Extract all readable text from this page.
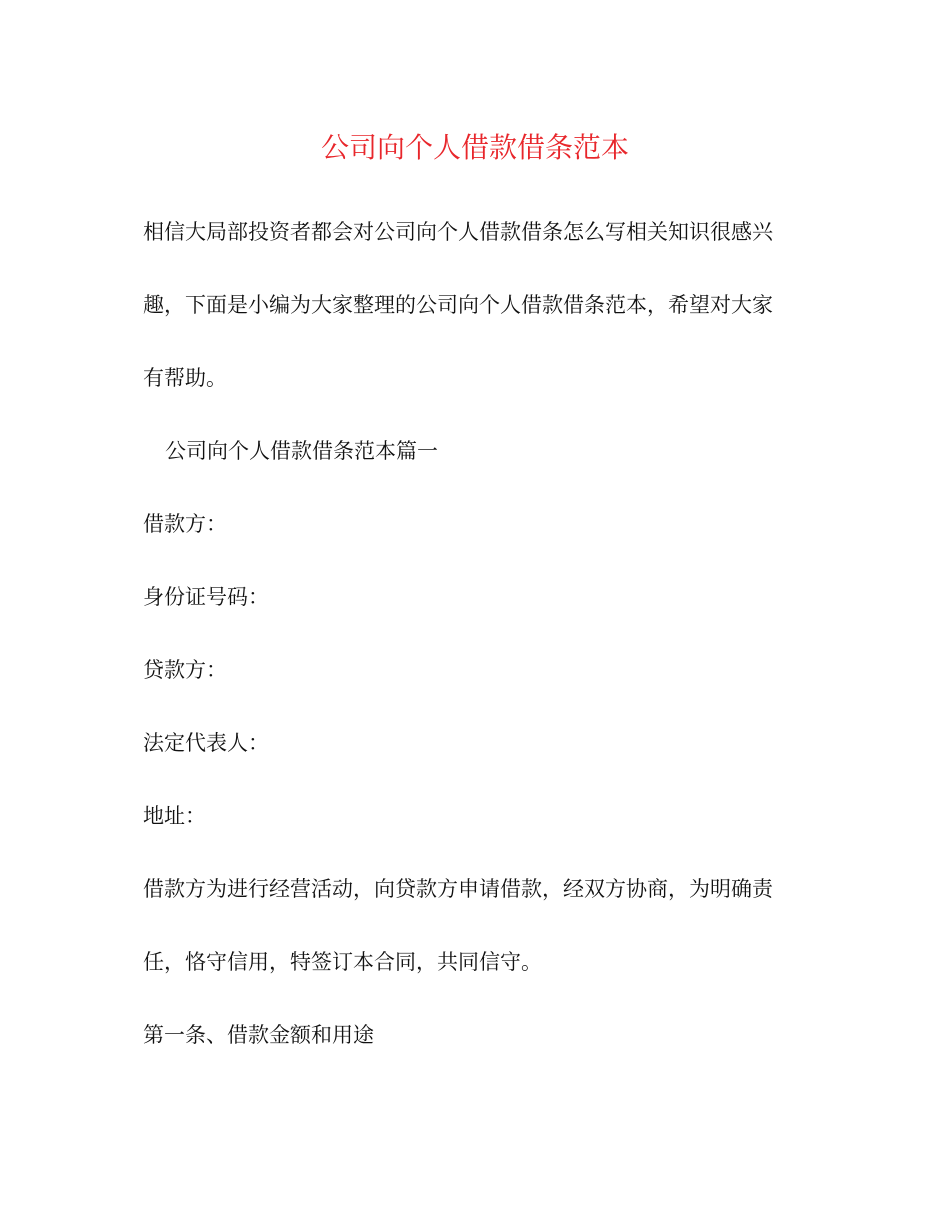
公司向个人借款借条范本
相信大局部投资者都会对公司向个人借款借条怎么写相关知识很感兴
趣，下面是小编为大家整理的公司向个人借款借条范本，希望对大家
有帮助。
公司向个人借款借条范本篇一
借款方：
身份证号码：
贷款方：
法定代表人：
地址：
借款方为进行经营活动，向贷款方申请借款，经双方协商，为明确责
任，恪守信用，特签订本合同，共同信守。
第一条、借款金额和用途
